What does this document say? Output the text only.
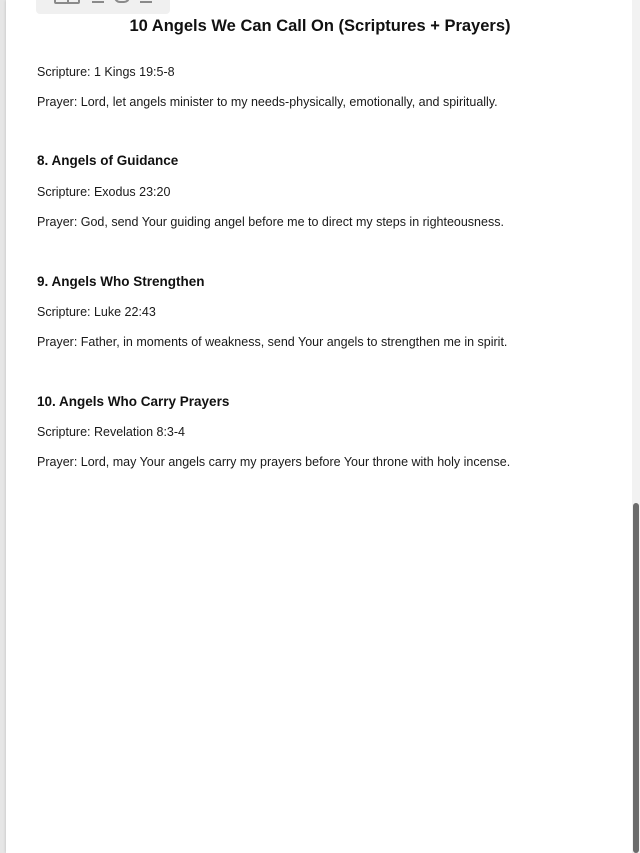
10 Angels We Can Call On (Scriptures + Prayers)
Scripture: 1 Kings 19:5-8
Prayer: Lord, let angels minister to my needs-physically, emotionally, and spiritually.
8. Angels of Guidance
Scripture: Exodus 23:20
Prayer: God, send Your guiding angel before me to direct my steps in righteousness.
9. Angels Who Strengthen
Scripture: Luke 22:43
Prayer: Father, in moments of weakness, send Your angels to strengthen me in spirit.
10. Angels Who Carry Prayers
Scripture: Revelation 8:3-4
Prayer: Lord, may Your angels carry my prayers before Your throne with holy incense.
